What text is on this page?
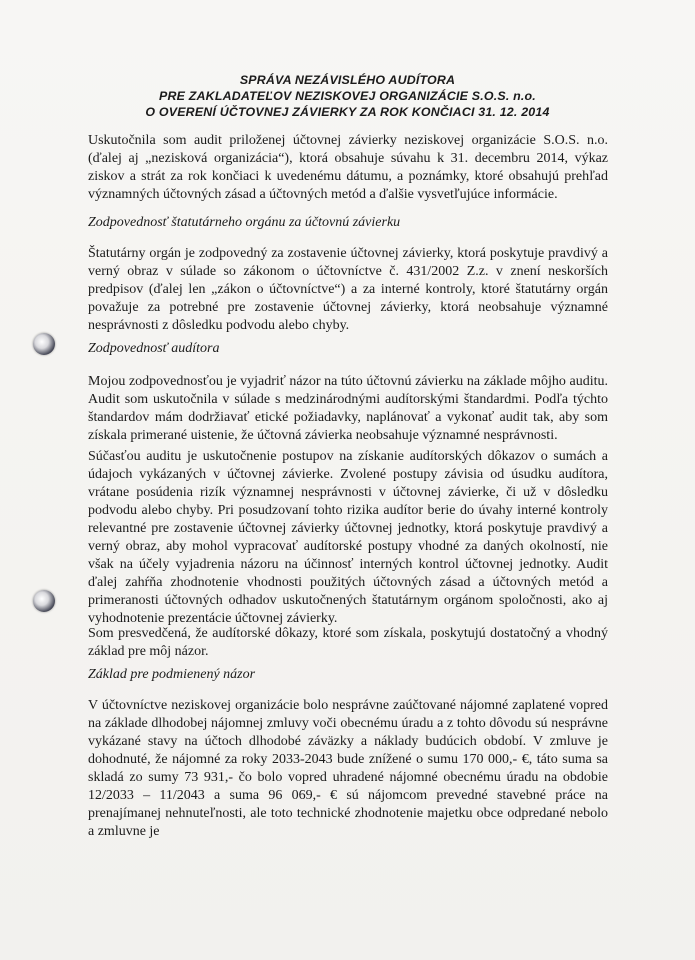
SPRÁVA NEZÁVISLÉHO AUDÍTORA
PRE ZAKLADATEĽOV NEZISKOVEJ ORGANIZÁCIE S.O.S. n.o.
O OVERENÍ ÚČTOVNEJ ZÁVIERKY ZA ROK KONČIACI 31. 12. 2014

Uskutočnila som audit priloženej účtovnej závierky neziskovej organizácie S.O.S. n.o. (ďalej aj „nezisková organizácia“), ktorá obsahuje súvahu k 31. decembru 2014, výkaz ziskov a strát za rok končiaci k uvedenému dátumu, a poznámky, ktoré obsahujú prehľad významných účtovných zásad a účtovných metód a ďalšie vysvetľujúce informácie.

Zodpovednosť štatutárneho orgánu za účtovnú závierku

Štatutárny orgán je zodpovedný za zostavenie účtovnej závierky, ktorá poskytuje pravdivý a verný obraz v súlade so zákonom o účtovníctve č. 431/2002 Z.z. v znení neskorších predpisov (ďalej len „zákon o účtovníctve“) a za interné kontroly, ktoré štatutárny orgán považuje za potrebné pre zostavenie účtovnej závierky, ktorá neobsahuje významné nesprávnosti z dôsledku podvodu alebo chyby.

Zodpovednosť audítora

Mojou zodpovednosťou je vyjadriť názor na túto účtovnú závierku na základe môjho auditu. Audit som uskutočnila v súlade s medzinárodnými audítorskými štandardmi. Podľa týchto štandardov mám dodržiavať etické požiadavky, naplánovať a vykonať audit tak, aby som získala primerané uistenie, že účtovná závierka neobsahuje významné nesprávnosti.

Súčasťou auditu je uskutočnenie postupov na získanie audítorských dôkazov o sumách a údajoch vykázaných v účtovnej závierke. Zvolené postupy závisia od úsudku audítora, vrátane posúdenia rizík významnej nesprávnosti v účtovnej závierke, či už v dôsledku podvodu alebo chyby. Pri posudzovaní tohto rizika audítor berie do úvahy interné kontroly relevantné pre zostavenie účtovnej závierky účtovnej jednotky, ktorá poskytuje pravdivý a verný obraz, aby mohol vypracovať audítorské postupy vhodné za daných okolností, nie však na účely vyjadrenia názoru na účinnosť interných kontrol účtovnej jednotky. Audit ďalej zahŕňa zhodnotenie vhodnosti použitých účtovných zásad a účtovných metód a primeranosti účtovných odhadov uskutočnených štatutárnym orgánom spoločnosti, ako aj vyhodnotenie prezentácie účtovnej závierky.

Som presvedčená, že audítorské dôkazy, ktoré som získala, poskytujú dostatočný a vhodný základ pre môj názor.

Základ pre podmienený názor

V účtovníctve neziskovej organizácie bolo nesprávne zaúčtované nájomné zaplatené vopred na základe dlhodobej nájomnej zmluvy voči obecnému úradu a z tohto dôvodu sú nesprávne vykázané stavy na účtoch dlhodobé záväzky a náklady budúcich období. V zmluve je dohodnuté, že nájomné za roky 2033-2043 bude znížené o sumu 170 000,- €, táto suma sa skladá zo sumy 73 931,- čo bolo vopred uhradené nájomné obecnému úradu na obdobie 12/2033 – 11/2043 a suma 96 069,- € sú nájomcom prevedné stavebné práce na prenajímanej nehnuteľnosti, ale toto technické zhodnotenie majetku obce odpredané nebolo a zmluvne je
